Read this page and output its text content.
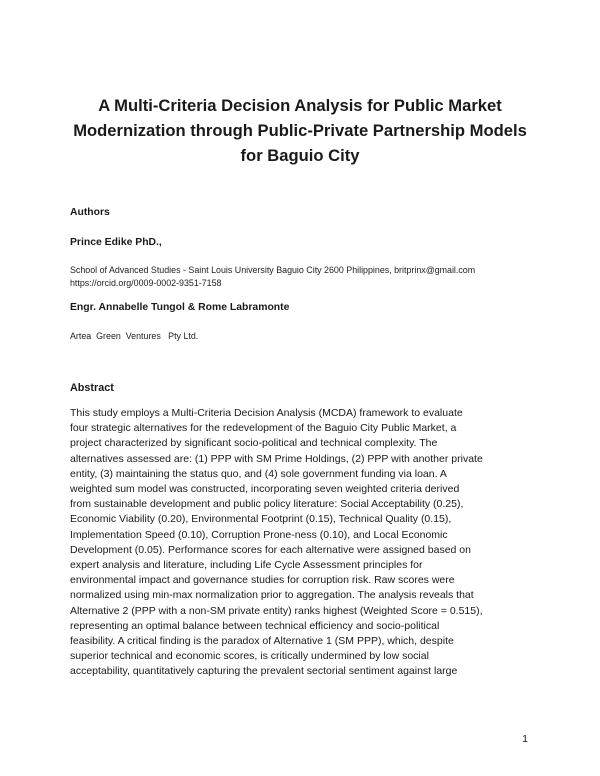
A Multi-Criteria Decision Analysis for Public Market
Modernization through Public-Private Partnership Models
for Baguio City

Authors

Prince Edike PhD.,

School of Advanced Studies - Saint Louis University Baguio City 2600 Philippines, britprinx@gmail.com
https://orcid.org/0009-0002-9351-7158

Engr. Annabelle Tungol & Rome Labramonte

Artea  Green  Ventures   Pty Ltd.

Abstract

This study employs a Multi-Criteria Decision Analysis (MCDA) framework to evaluate
four strategic alternatives for the redevelopment of the Baguio City Public Market, a
project characterized by significant socio-political and technical complexity. The
alternatives assessed are: (1) PPP with SM Prime Holdings, (2) PPP with another private
entity, (3) maintaining the status quo, and (4) sole government funding via loan. A
weighted sum model was constructed, incorporating seven weighted criteria derived
from sustainable development and public policy literature: Social Acceptability (0.25),
Economic Viability (0.20), Environmental Footprint (0.15), Technical Quality (0.15),
Implementation Speed (0.10), Corruption Prone-ness (0.10), and Local Economic
Development (0.05). Performance scores for each alternative were assigned based on
expert analysis and literature, including Life Cycle Assessment principles for
environmental impact and governance studies for corruption risk. Raw scores were
normalized using min-max normalization prior to aggregation. The analysis reveals that
Alternative 2 (PPP with a non-SM private entity) ranks highest (Weighted Score = 0.515),
representing an optimal balance between technical efficiency and socio-political
feasibility. A critical finding is the paradox of Alternative 1 (SM PPP), which, despite
superior technical and economic scores, is critically undermined by low social
acceptability, quantitatively capturing the prevalent sectorial sentiment against large
1
